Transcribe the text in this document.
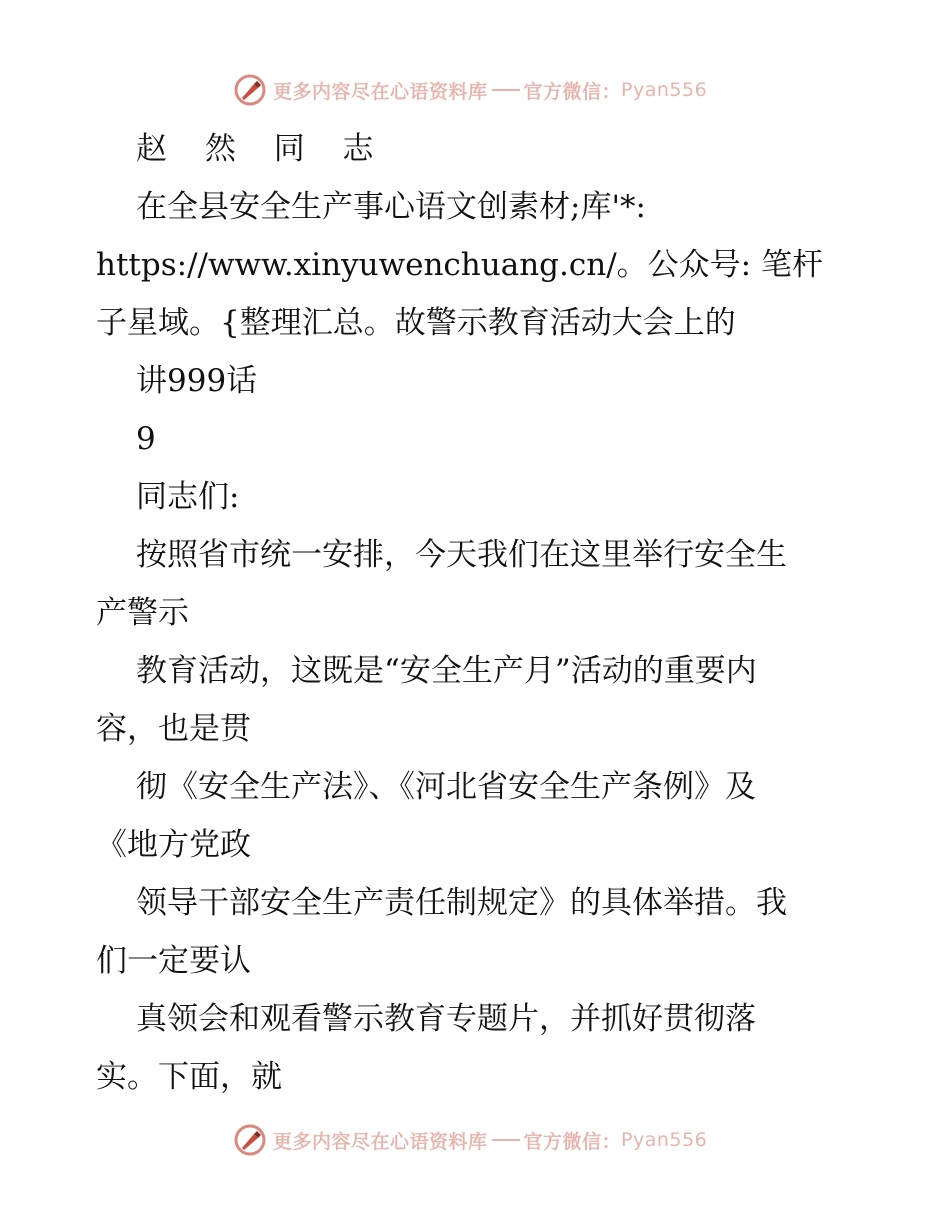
更多内容尽在心语资料库 官方微信： Pyan556
赵 然 同 志
在全县安全生产事心语文创素材;库'*:
https://www.xinyuwenchuang.cn/。公众号: 笔杆
子星域。{整理汇总。故警示教育活动大会上的
讲999话
9
同志们:
按照省市统一安排，今天我们在这里举行安全生
产警示
教育活动，这既是“安全生产月”活动的重要内
容，也是贯
彻《安全生产法》、《河北省安全生产条例》及
《地方党政
领导干部安全生产责任制规定》的具体举措。我
们一定要认
真领会和观看警示教育专题片，并抓好贯彻落
实。下面，就
更多内容尽在心语资料库 官方微信： Pyan556
